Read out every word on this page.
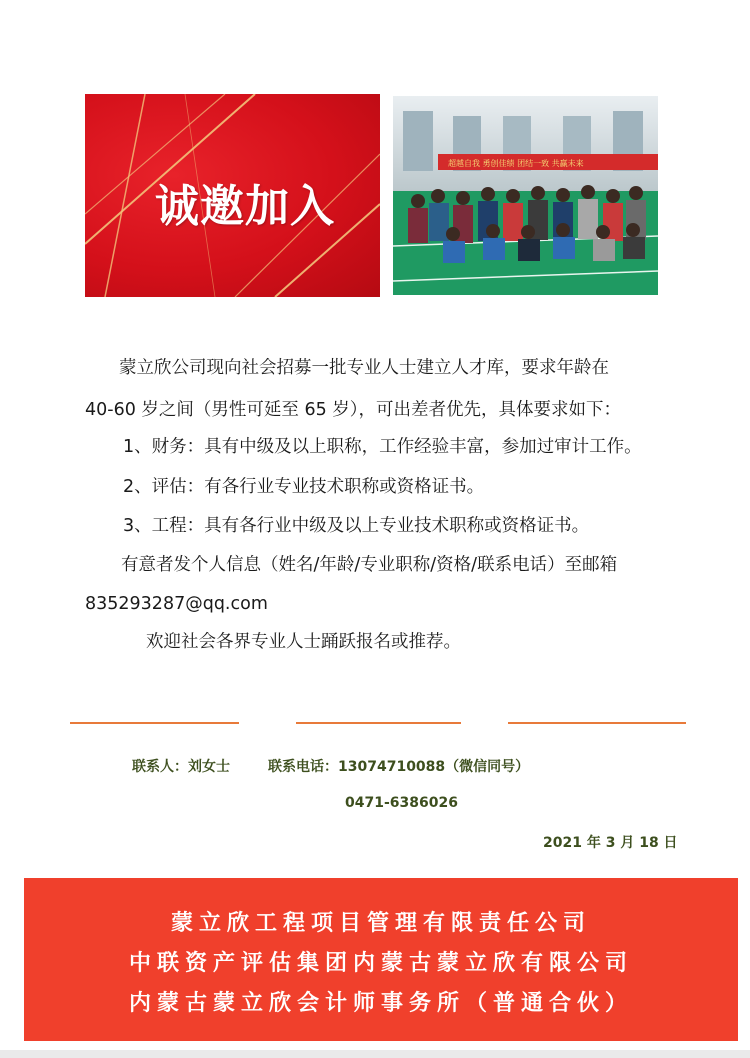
诚邀加入
超越自我 勇创佳绩 团结一致 共赢未来
蒙立欣公司现向社会招募一批专业人士建立人才库，要求年龄在
40-60 岁之间（男性可延至 65 岁），可出差者优先，具体要求如下：
1、财务：具有中级及以上职称，工作经验丰富，参加过审计工作。
2、评估：有各行业专业技术职称或资格证书。
3、工程：具有各行业中级及以上专业技术职称或资格证书。
有意者发个人信息（姓名/年龄/专业职称/资格/联系电话）至邮箱
835293287@qq.com
欢迎社会各界专业人士踊跃报名或推荐。
联系人：刘女士	联系电话：13074710088（微信同号）
0471-6386026
2021 年 3 月 18 日
蒙立欣工程项目管理有限责任公司
中联资产评估集团内蒙古蒙立欣有限公司
内蒙古蒙立欣会计师事务所（普通合伙）
